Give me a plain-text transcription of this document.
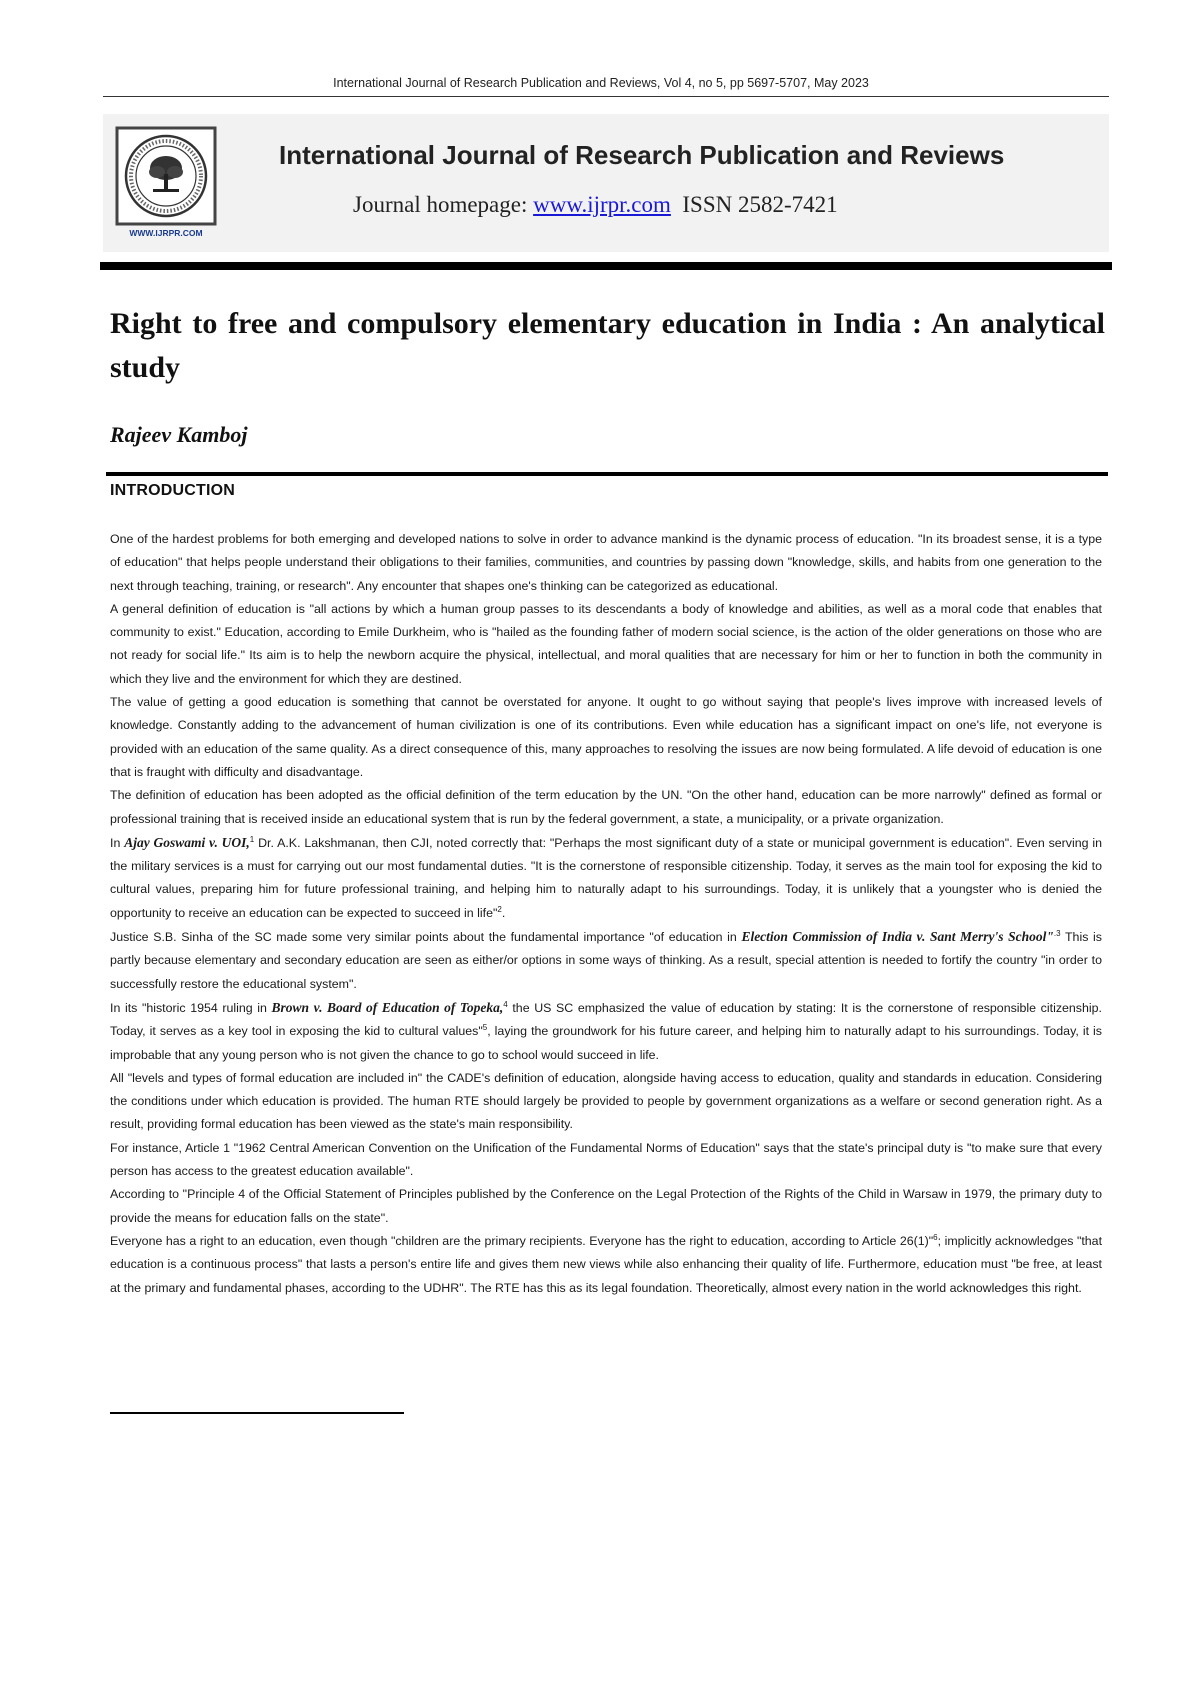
International Journal of Research Publication and Reviews, Vol 4, no 5, pp 5697-5707, May 2023
WWW.IJRPR.COM
International Journal of Research Publication and Reviews
Journal homepage: www.ijrpr.com ISSN 2582-7421
Right to free and compulsory elementary education in India : An analytical study
Rajeev Kamboj
INTRODUCTION

One of the hardest problems for both emerging and developed nations to solve in order to advance mankind is the dynamic process of education. "In its broadest sense, it is a type of education" that helps people understand their obligations to their families, communities, and countries by passing down "knowledge, skills, and habits from one generation to the next through teaching, training, or research". Any encounter that shapes one's thinking can be categorized as educational.

A general definition of education is "all actions by which a human group passes to its descendants a body of knowledge and abilities, as well as a moral code that enables that community to exist." Education, according to Emile Durkheim, who is "hailed as the founding father of modern social science, is the action of the older generations on those who are not ready for social life." Its aim is to help the newborn acquire the physical, intellectual, and moral qualities that are necessary for him or her to function in both the community in which they live and the environment for which they are destined.

The value of getting a good education is something that cannot be overstated for anyone. It ought to go without saying that people's lives improve with increased levels of knowledge. Constantly adding to the advancement of human civilization is one of its contributions. Even while education has a significant impact on one's life, not everyone is provided with an education of the same quality. As a direct consequence of this, many approaches to resolving the issues are now being formulated. A life devoid of education is one that is fraught with difficulty and disadvantage.

The definition of education has been adopted as the official definition of the term education by the UN. "On the other hand, education can be more narrowly" defined as formal or professional training that is received inside an educational system that is run by the federal government, a state, a municipality, or a private organization.

In Ajay Goswami v. UOI,$^1$ Dr. A.K. Lakshmanan, then CJI, noted correctly that: "Perhaps the most significant duty of a state or municipal government is education". Even serving in the military services is a must for carrying out our most fundamental duties. "It is the cornerstone of responsible citizenship. Today, it serves as the main tool for exposing the kid to cultural values, preparing him for future professional training, and helping him to naturally adapt to his surroundings. Today, it is unlikely that a youngster who is denied the opportunity to receive an education can be expected to succeed in life"$^2$.

Justice S.B. Sinha of the SC made some very similar points about the fundamental importance "of education in Election Commission of India v. Sant Merry's School"$^{.3}$ This is partly because elementary and secondary education are seen as either/or options in some ways of thinking. As a result, special attention is needed to fortify the country "in order to successfully restore the educational system".

In its "historic 1954 ruling in Brown v. Board of Education of Topeka,$^4$ the US SC emphasized the value of education by stating: It is the cornerstone of responsible citizenship. Today, it serves as a key tool in exposing the kid to cultural values"$^5$, laying the groundwork for his future career, and helping him to naturally adapt to his surroundings. Today, it is improbable that any young person who is not given the chance to go to school would succeed in life.

All "levels and types of formal education are included in" the CADE's definition of education, alongside having access to education, quality and standards in education. Considering the conditions under which education is provided. The human RTE should largely be provided to people by government organizations as a welfare or second generation right. As a result, providing formal education has been viewed as the state's main responsibility.

For instance, Article 1 "1962 Central American Convention on the Unification of the Fundamental Norms of Education" says that the state's principal duty is "to make sure that every person has access to the greatest education available".

According to "Principle 4 of the Official Statement of Principles published by the Conference on the Legal Protection of the Rights of the Child in Warsaw in 1979, the primary duty to provide the means for education falls on the state".

Everyone has a right to an education, even though "children are the primary recipients. Everyone has the right to education, according to Article 26(1)"$^6$; implicitly acknowledges "that education is a continuous process" that lasts a person's entire life and gives them new views while also enhancing their quality of life. Furthermore, education must "be free, at least at the primary and fundamental phases, according to the UDHR". The RTE has this as its legal foundation. Theoretically, almost every nation in the world acknowledges this right.
